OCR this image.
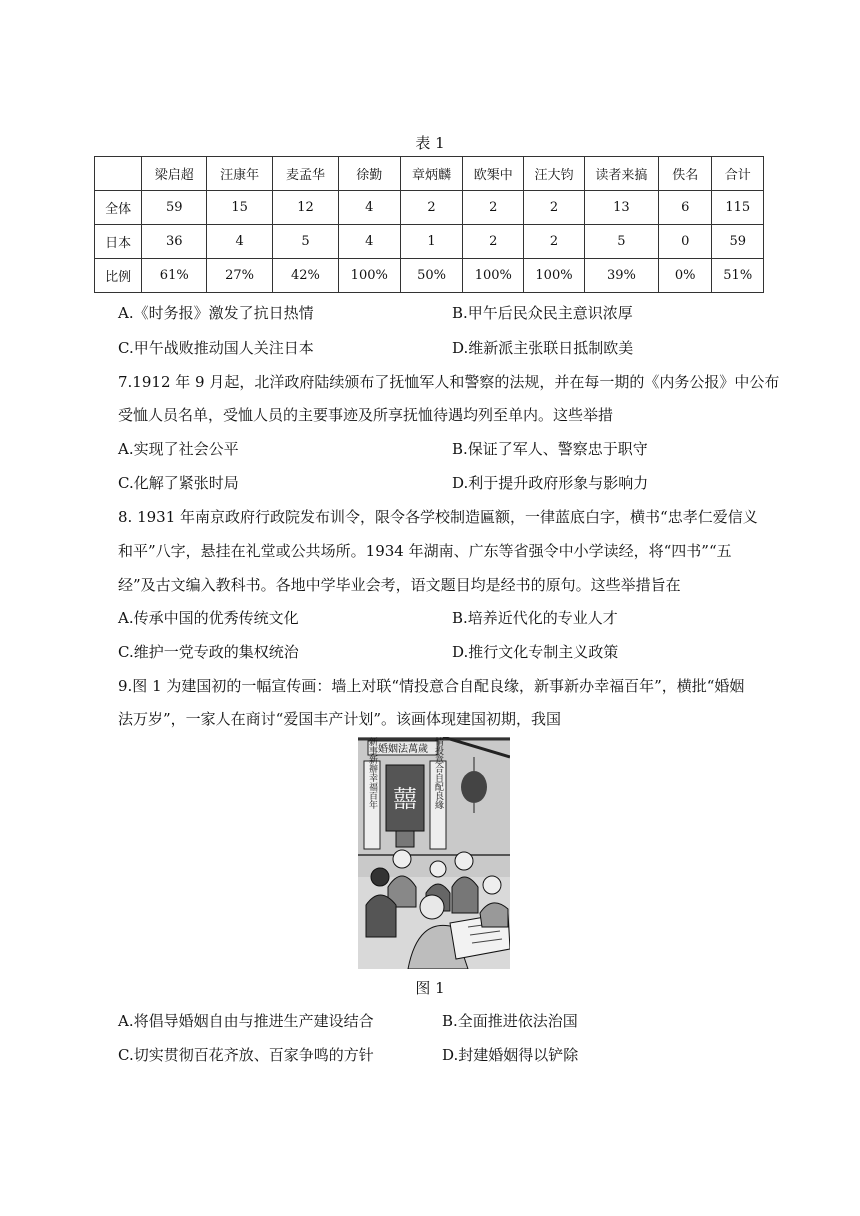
表 1
	梁启超	汪康年	麦孟华	徐勤	章炳麟	欧榘中	汪大钧	读者来搞	佚名	合计
全体	59	15	12	4	2	2	2	13	6	115
日本	36	4	5	4	1	2	2	5	0	59
比例	61%	27%	42%	100%	50%	100%	100%	39%	0%	51%
A.《时务报》激发了抗日热情	B.甲午后民众民主意识浓厚
C.甲午战败推动国人关注日本	D.维新派主张联日抵制欧美
7.1912 年 9 月起，北洋政府陆续颁布了抚恤军人和警察的法规，并在每一期的《内务公报》中公布
受恤人员名单，受恤人员的主要事迹及所享抚恤待遇均列至单内。这些举措
A.实现了社会公平	B.保证了军人、警察忠于职守
C.化解了紧张时局	D.利于提升政府形象与影响力
8. 1931 年南京政府行政院发布训令，限令各学校制造匾额，一律蓝底白字，横书“忠孝仁爱信义
和平”八字，悬挂在礼堂或公共场所。1934 年湖南、广东等省强令中小学读经，将“四书”“五
经”及古文编入教科书。各地中学毕业会考，语文题目均是经书的原句。这些举措旨在
A.传承中国的优秀传统文化	B.培养近代化的专业人才
C.维护一党专政的集权统治	D.推行文化专制主义政策
9.图 1 为建国初的一幅宣传画：墙上对联“情投意合自配良缘，新事新办幸福百年”，横批“婚姻
法万岁”，一家人在商讨“爱国丰产计划”。该画体现建国初期，我国
婚姻法萬歲
新事新辦幸福百年	情投意合自配良緣
囍
图 1
A.将倡导婚姻自由与推进生产建设结合	B.全面推进依法治国
C.切实贯彻百花齐放、百家争鸣的方针	D.封建婚姻得以铲除
